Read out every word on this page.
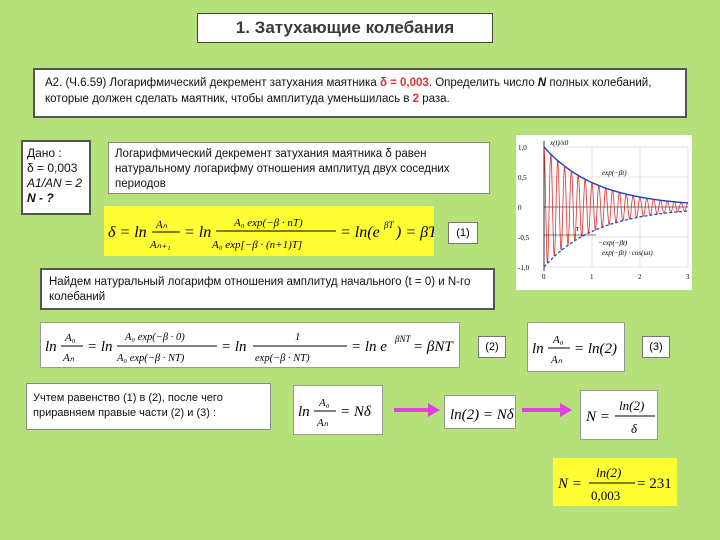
1. Затухающие колебания
А2. (Ч.6.59) Логарифмический декремент затухания маятника δ = 0,003. Определить число N полных колебаний, которые должен сделать маятник, чтобы амплитуда уменьшилась в 2 раза.
Дано :
δ = 0,003
A1/AN = 2
N - ?
Логарифмический декремент затухания маятника δ равен натуральному логарифму отношения амплитуд двух соседних периодов
δ = ln Aₙ
Aₙ₊₁
= ln
A₀ exp(−β · nT)
A₀ exp[−β · (n+1)T]
= ln(e βT ) = βT (1)
1,0
0,5
0
-0,5
-1,0
0	1	2	3
x(t)/x0
exp(−βt)
−exp(−βt)
exp(−βt) · cos(ωt)
τ
Найдем натуральный логарифм отношения амплитуд начального (t = 0) и N-го колебаний
ln
A₀
Aₙ
= ln
A₀ exp(−β · 0)
A₀ exp(−β · NT)
= ln
1
exp(−β · NT)
= ln e βNT = βNT	(2) ln
A₀
Aₙ
= ln(2)	(3)
Учтем равенство (1) в (2), после чего приравняем правые части (2) и (3) :	ln
A₀
Aₙ
= Nδ	ln(2) = Nδ	N =
ln(2)
δ
N =
ln(2)
0,003
= 231
